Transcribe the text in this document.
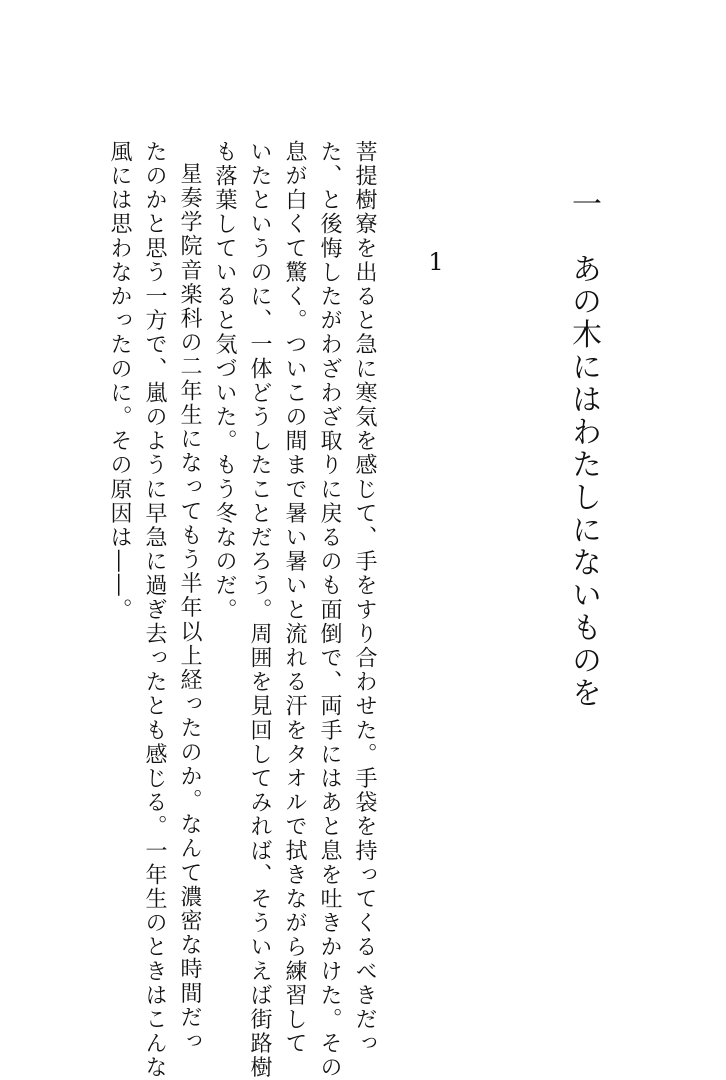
一　あの木にはわたしにないものを
1
菩提樹寮を出ると急に寒気を感じて、手をすり合わせた。手袋を持ってくるべきだっ
た、と後悔したがわざわざ取りに戻るのも面倒で、両手にはあと息を吐きかけた。その
息が白くて驚く。ついこの間まで暑い暑いと流れる汗をタオルで拭きながら練習して
いたというのに、一体どうしたことだろう。周囲を見回してみれば、そういえば街路樹
も落葉していると気づいた。もう冬なのだ。
星奏学院音楽科の二年生になってもう半年以上経ったのか。なんて濃密な時間だっ
たのかと思う一方で、嵐のように早急に過ぎ去ったとも感じる。一年生のときはこんな
風には思わなかったのに。その原因は――。
